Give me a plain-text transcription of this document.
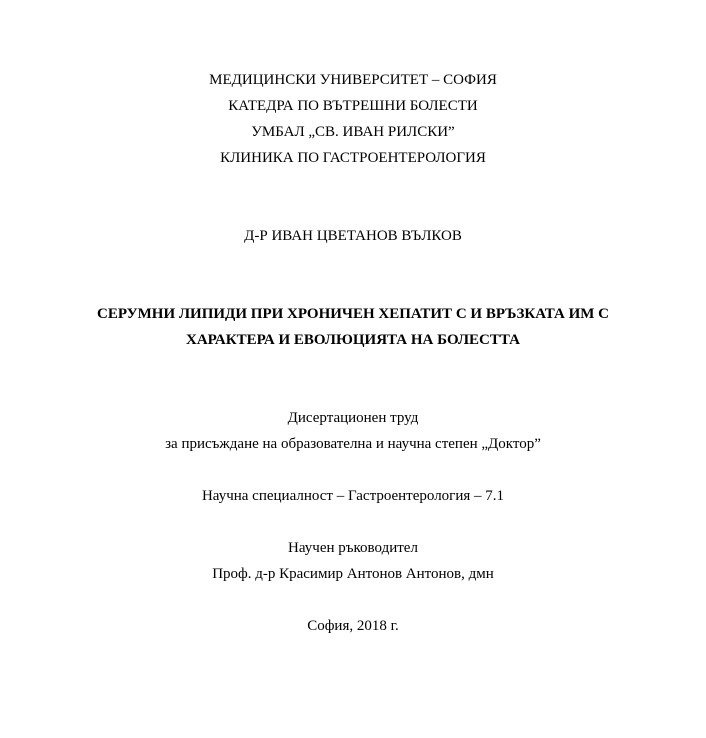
МЕДИЦИНСКИ УНИВЕРСИТЕТ – СОФИЯ
КАТЕДРА ПО ВЪТРЕШНИ БОЛЕСТИ
УМБАЛ „СВ. ИВАН РИЛСКИ”
КЛИНИКА ПО ГАСТРОЕНТЕРОЛОГИЯ
Д-Р ИВАН ЦВЕТАНОВ ВЪЛКОВ
СЕРУМНИ ЛИПИДИ ПРИ ХРОНИЧЕН ХЕПАТИТ С И ВРЪЗКАТА ИМ С
ХАРАКТЕРА И ЕВОЛЮЦИЯТА НА БОЛЕСТТА
Дисертационен труд
за присъждане на образователна и научна степен „Доктор”
Научна специалност – Гастроентерология – 7.1
Научен ръководител
Проф. д-р Красимир Антонов Антонов, дмн
София, 2018 г.
